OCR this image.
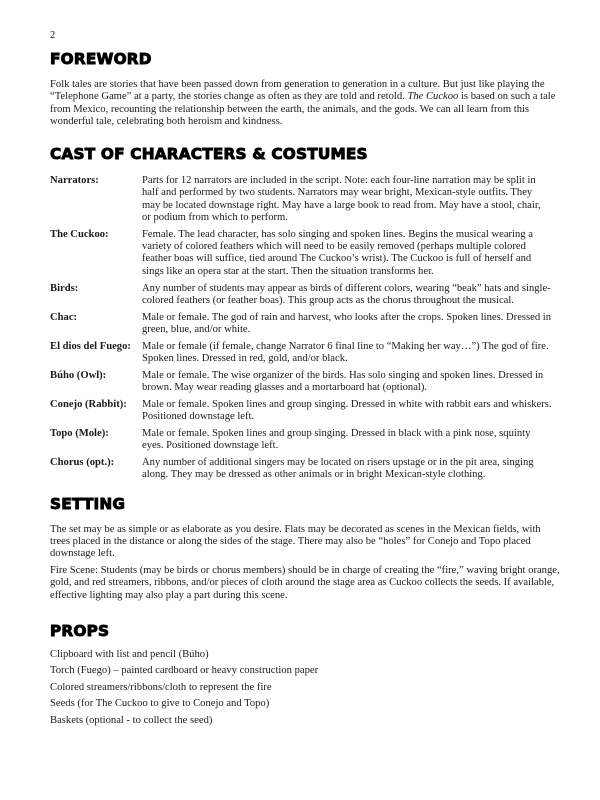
2
FOREWORD

Folk tales are stories that have been passed down from generation to generation in a culture. But just like playing the “Telephone Game” at a party, the stories change as often as they are told and retold. The Cuckoo is based on such a tale from Mexico, recounting the relationship between the earth, the animals, and the gods. We can all learn from this wonderful tale, celebrating both heroism and kindness.

CAST OF CHARACTERS & COSTUMES
Narrators:	Parts for 12 narrators are included in the script. Note: each four-line narration may be split in half and performed by two students. Narrators may wear bright, Mexican-style outfits. They may be located downstage right. May have a large book to read from. May have a stool, chair, or podium from which to perform.
The Cuckoo:	Female. The lead character, has solo singing and spoken lines. Begins the musical wearing a variety of colored feathers which will need to be easily removed (perhaps multiple colored feather boas will suffice, tied around The Cuckoo’s wrist). The Cuckoo is full of herself and sings like an opera star at the start. Then the situation transforms her.
Birds:	Any number of students may appear as birds of different colors, wearing “beak” hats and single-colored feathers (or feather boas). This group acts as the chorus throughout the musical.
Chac:	Male or female. The god of rain and harvest, who looks after the crops. Spoken lines. Dressed in green, blue, and/or white.
El dios del Fuego:	Male or female (if female, change Narrator 6 final line to “Making her way…”) The god of fire. Spoken lines. Dressed in red, gold, and/or black.
Búho (Owl):	Male or female. The wise organizer of the birds. Has solo singing and spoken lines. Dressed in brown. May wear reading glasses and a mortarboard hat (optional).
Conejo (Rabbit):	Male or female. Spoken lines and group singing. Dressed in white with rabbit ears and whiskers. Positioned downstage left.
Topo (Mole):	Male or female. Spoken lines and group singing. Dressed in black with a pink nose, squinty eyes. Positioned downstage left.
Chorus (opt.):	Any number of additional singers may be located on risers upstage or in the pit area, singing along. They may be dressed as other animals or in bright Mexican-style clothing.
SETTING

The set may be as simple or as elaborate as you desire. Flats may be decorated as scenes in the Mexican fields, with trees placed in the distance or along the sides of the stage. There may also be “holes” for Conejo and Topo placed downstage left.

Fire Scene: Students (may be birds or chorus members) should be in charge of creating the “fire,” waving bright orange, gold, and red streamers, ribbons, and/or pieces of cloth around the stage area as Cuckoo collects the seeds. If available, effective lighting may also play a part during this scene.

PROPS
Clipboard with list and pencil (Búho)
Torch (Fuego) – painted cardboard or heavy construction paper
Colored streamers/ribbons/cloth to represent the fire
Seeds (for The Cuckoo to give to Conejo and Topo)
Baskets (optional - to collect the seed)
